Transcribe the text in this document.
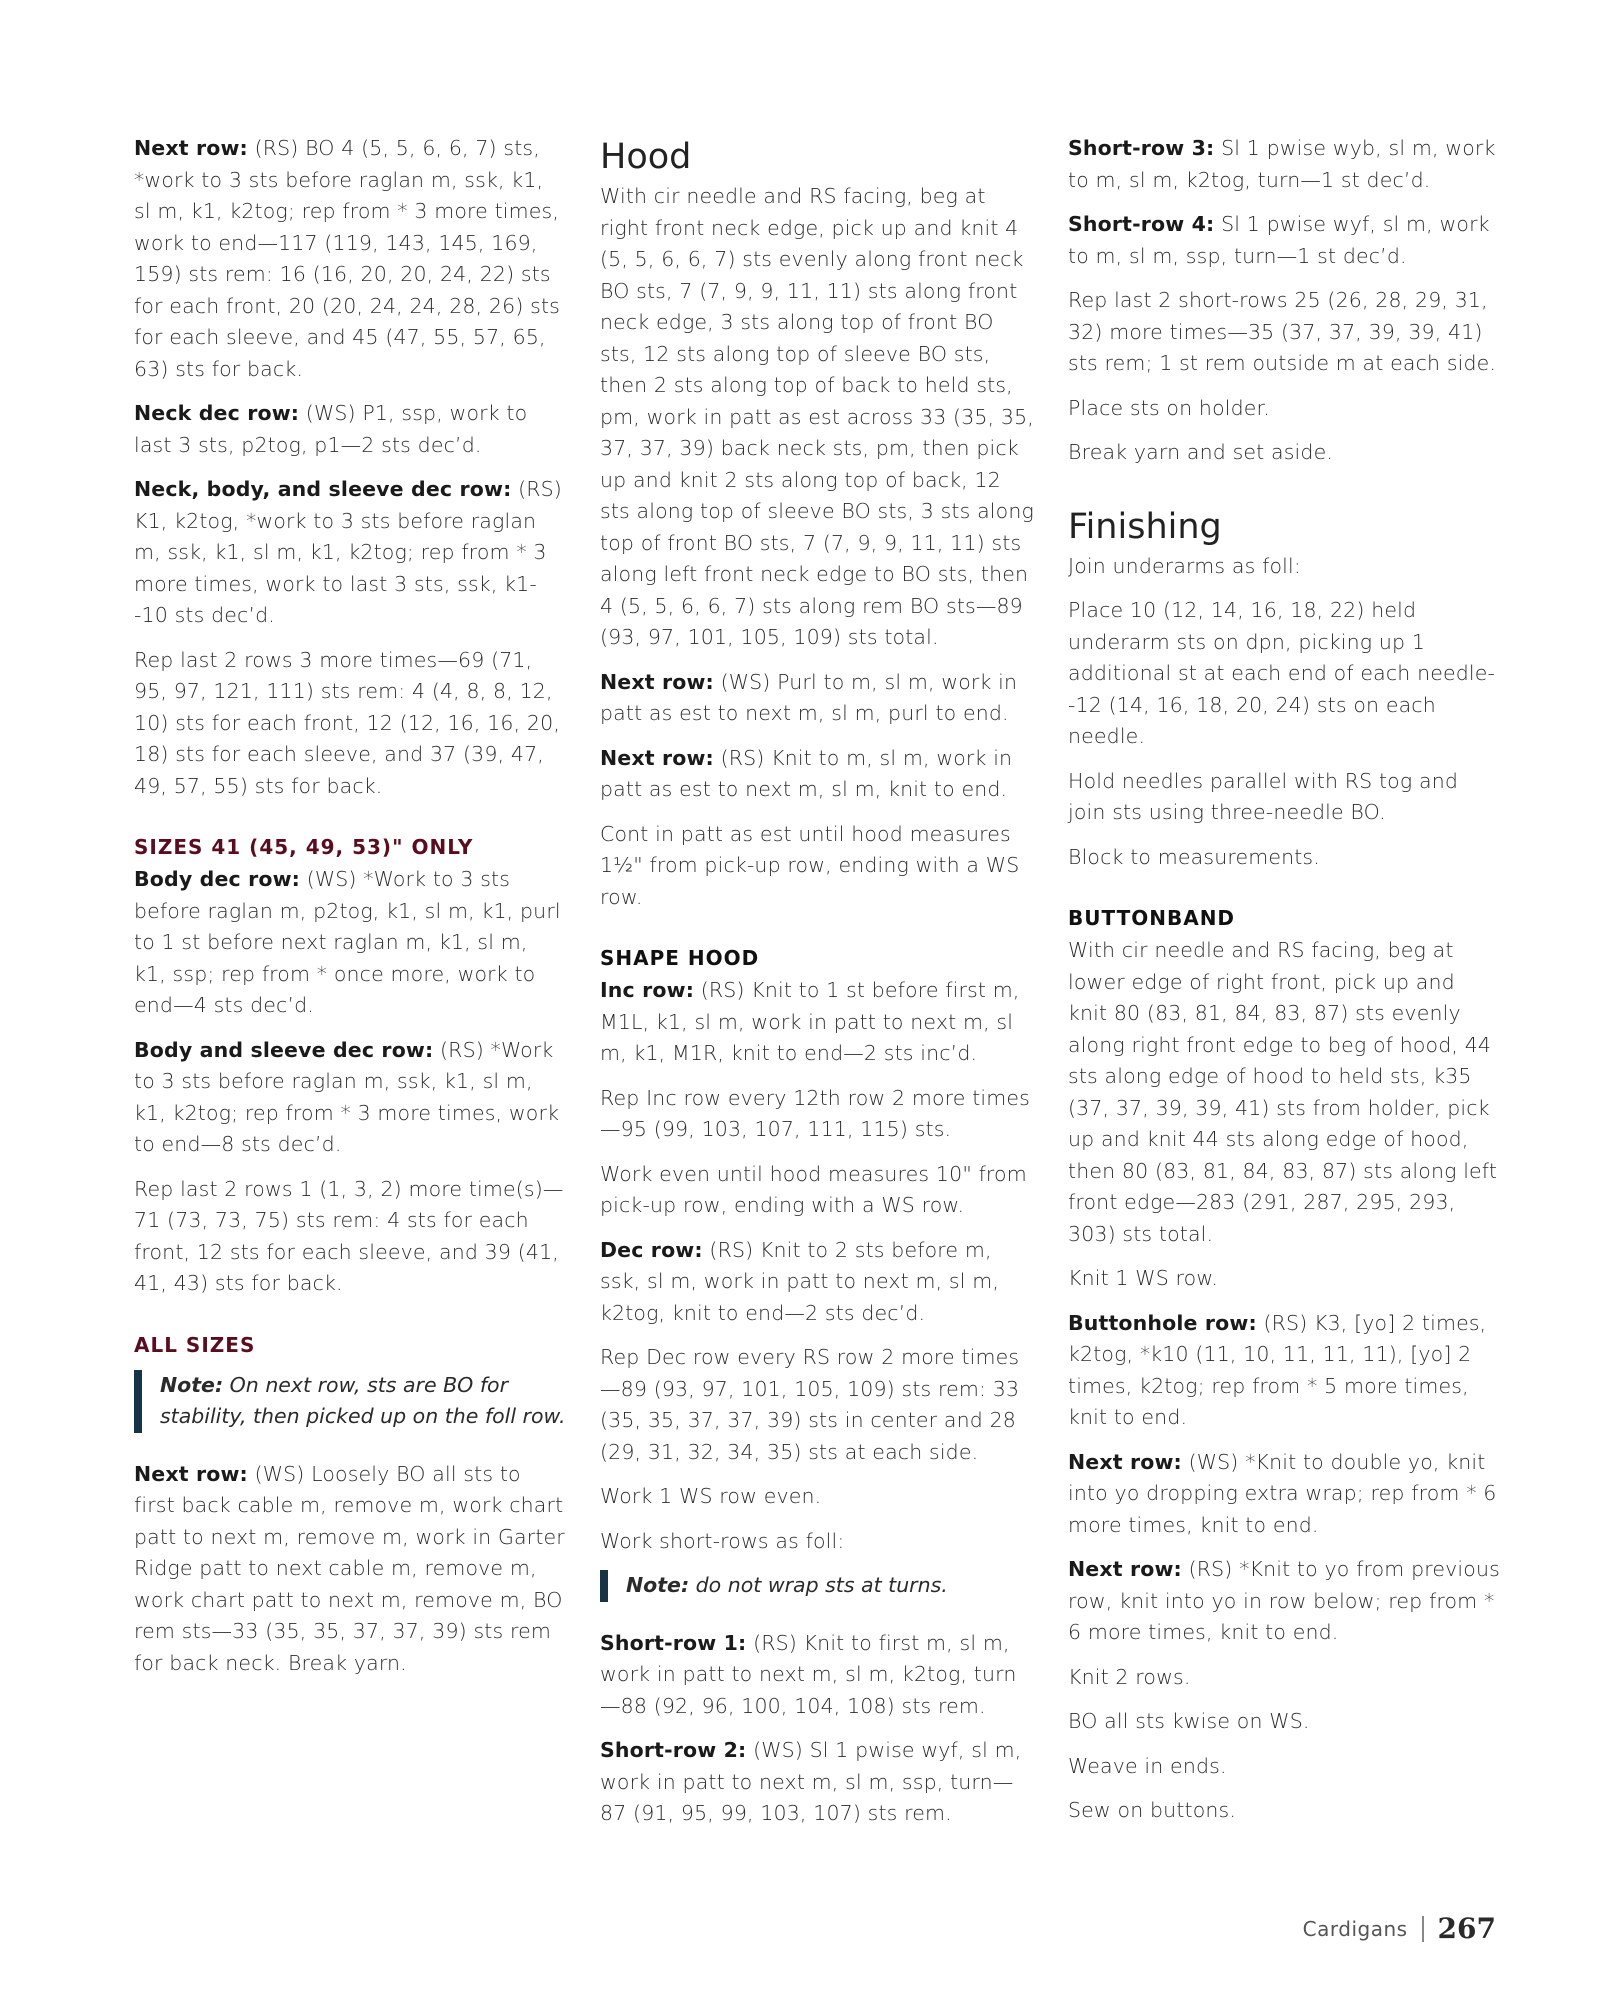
Next row: (RS) BO 4 (5, 5, 6, 6, 7) sts, *work to 3 sts before raglan m, ssk, k1, sl m, k1, k2tog; rep from * 3 more times, work to end—117 (119, 143, 145, 169, 159) sts rem: 16 (16, 20, 20, 24, 22) sts for each front, 20 (20, 24, 24, 28, 26) sts for each sleeve, and 45 (47, 55, 57, 65, 63) sts for back.

Neck dec row: (WS) P1, ssp, work to last 3 sts, p2tog, p1—2 sts dec’d.

Neck, body, and sleeve dec row: (RS) K1, k2tog, *work to 3 sts before raglan m, ssk, k1, sl m, k1, k2tog; rep from * 3 more times, work to last 3 sts, ssk, k1--10 sts dec’d.

Rep last 2 rows 3 more times—69 (71, 95, 97, 121, 111) sts rem: 4 (4, 8, 8, 12, 10) sts for each front, 12 (12, 16, 16, 20, 18) sts for each sleeve, and 37 (39, 47, 49, 57, 55) sts for back.

SIZES 41 (45, 49, 53)" ONLY

Body dec row: (WS) *Work to 3 sts before raglan m, p2tog, k1, sl m, k1, purl to 1 st before next raglan m, k1, sl m, k1, ssp; rep from * once more, work to end—4 sts dec’d.

Body and sleeve dec row: (RS) *Work to 3 sts before raglan m, ssk, k1, sl m, k1, k2tog; rep from * 3 more times, work to end—8 sts dec’d.

Rep last 2 rows 1 (1, 3, 2) more time(s)—71 (73, 73, 75) sts rem: 4 sts for each front, 12 sts for each sleeve, and 39 (41, 41, 43) sts for back.

ALL SIZES
Note: On next row, sts are BO for stability, then picked up on the foll row.

Next row: (WS) Loosely BO all sts to first back cable m, remove m, work chart patt to next m, remove m, work in Garter Ridge patt to next cable m, remove m, work chart patt to next m, remove m, BO rem sts—33 (35, 35, 37, 37, 39) sts rem for back neck. Break yarn.

Hood

With cir needle and RS facing, beg at right front neck edge, pick up and knit 4 (5, 5, 6, 6, 7) sts evenly along front neck BO sts, 7 (7, 9, 9, 11, 11) sts along front neck edge, 3 sts along top of front BO sts, 12 sts along top of sleeve BO sts, then 2 sts along top of back to held sts, pm, work in patt as est across 33 (35, 35, 37, 37, 39) back neck sts, pm, then pick up and knit 2 sts along top of back, 12 sts along top of sleeve BO sts, 3 sts along top of front BO sts, 7 (7, 9, 9, 11, 11) sts along left front neck edge to BO sts, then 4 (5, 5, 6, 6, 7) sts along rem BO sts—89 (93, 97, 101, 105, 109) sts total.

Next row: (WS) Purl to m, sl m, work in patt as est to next m, sl m, purl to end.

Next row: (RS) Knit to m, sl m, work in patt as est to next m, sl m, knit to end.

Cont in patt as est until hood measures 1½" from pick-up row, ending with a WS row.

SHAPE HOOD

Inc row: (RS) Knit to 1 st before first m, M1L, k1, sl m, work in patt to next m, sl m, k1, M1R, knit to end—2 sts inc’d.

Rep Inc row every 12th row 2 more times—95 (99, 103, 107, 111, 115) sts.

Work even until hood measures 10" from pick-up row, ending with a WS row.

Dec row: (RS) Knit to 2 sts before m, ssk, sl m, work in patt to next m, sl m, k2tog, knit to end—2 sts dec’d.

Rep Dec row every RS row 2 more times—89 (93, 97, 101, 105, 109) sts rem: 33 (35, 35, 37, 37, 39) sts in center and 28 (29, 31, 32, 34, 35) sts at each side.

Work 1 WS row even.

Work short-rows as foll:

Note: do not wrap sts at turns.

Short-row 1: (RS) Knit to first m, sl m, work in patt to next m, sl m, k2tog, turn—88 (92, 96, 100, 104, 108) sts rem.

Short-row 2: (WS) Sl 1 pwise wyf, sl m, work in patt to next m, sl m, ssp, turn—87 (91, 95, 99, 103, 107) sts rem.

Short-row 3: Sl 1 pwise wyb, sl m, work to m, sl m, k2tog, turn—1 st dec’d.

Short-row 4: Sl 1 pwise wyf, sl m, work to m, sl m, ssp, turn—1 st dec’d.

Rep last 2 short-rows 25 (26, 28, 29, 31, 32) more times—35 (37, 37, 39, 39, 41) sts rem; 1 st rem outside m at each side.

Place sts on holder.

Break yarn and set aside.

Finishing

Join underarms as foll:

Place 10 (12, 14, 16, 18, 22) held underarm sts on dpn, picking up 1 additional st at each end of each needle--12 (14, 16, 18, 20, 24) sts on each needle.

Hold needles parallel with RS tog and join sts using three-needle BO.

Block to measurements.

BUTTONBAND

With cir needle and RS facing, beg at lower edge of right front, pick up and knit 80 (83, 81, 84, 83, 87) sts evenly along right front edge to beg of hood, 44 sts along edge of hood to held sts, k35 (37, 37, 39, 39, 41) sts from holder, pick up and knit 44 sts along edge of hood, then 80 (83, 81, 84, 83, 87) sts along left front edge—283 (291, 287, 295, 293, 303) sts total.

Knit 1 WS row.

Buttonhole row: (RS) K3, [yo] 2 times, k2tog, *k10 (11, 10, 11, 11, 11), [yo] 2 times, k2tog; rep from * 5 more times, knit to end.

Next row: (WS) *Knit to double yo, knit into yo dropping extra wrap; rep from * 6 more times, knit to end.

Next row: (RS) *Knit to yo from previous row, knit into yo in row below; rep from * 6 more times, knit to end.

Knit 2 rows.

BO all sts kwise on WS.

Weave in ends.

Sew on buttons.

Cardigans 267
